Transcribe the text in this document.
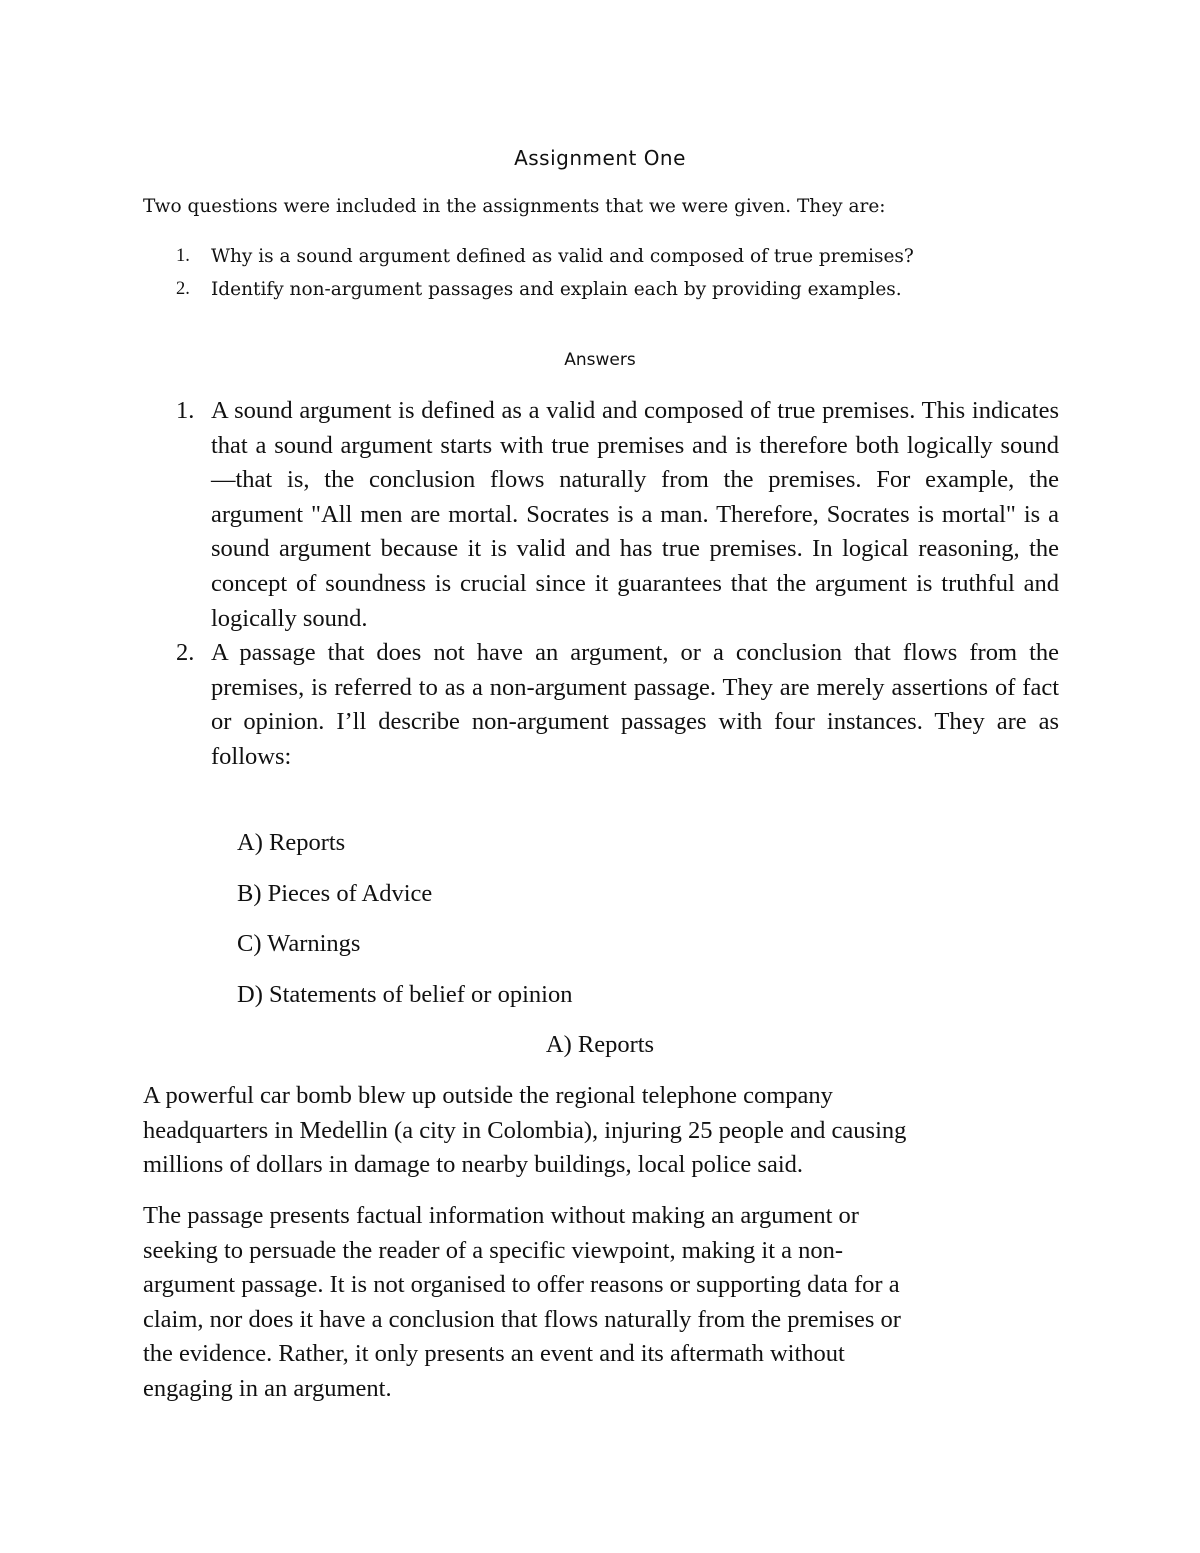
Assignment One

Two questions were included in the assignments that we were given. They are:

1.	Why is a sound argument defined as valid and composed of true premises?
2.	Identify non-argument passages and explain each by providing examples.
Answers
1. A sound argument is defined as a valid and composed of true premises. This indicates that a sound argument starts with true premises and is therefore both logically sound—that is, the conclusion flows naturally from the premises. For example, the argument "All men are mortal. Socrates is a man. Therefore, Socrates is mortal" is a sound argument because it is valid and has true premises. In logical reasoning, the concept of soundness is crucial since it guarantees that the argument is truthful and logically sound.

2. A passage that does not have an argument, or a conclusion that flows from the premises, is referred to as a non-argument passage. They are merely assertions of fact or opinion. I’ll describe non-argument passages with four instances. They are as follows:

A) Reports
B) Pieces of Advice
C) Warnings
D) Statements of belief or opinion
A) Reports

A powerful car bomb blew up outside the regional telephone company
headquarters in Medellin (a city in Colombia), injuring 25 people and causing
millions of dollars in damage to nearby buildings, local police said.

The passage presents factual information without making an argument or
seeking to persuade the reader of a specific viewpoint, making it a non-
argument passage. It is not organised to offer reasons or supporting data for a
claim, nor does it have a conclusion that flows naturally from the premises or
the evidence. Rather, it only presents an event and its aftermath without
engaging in an argument.
